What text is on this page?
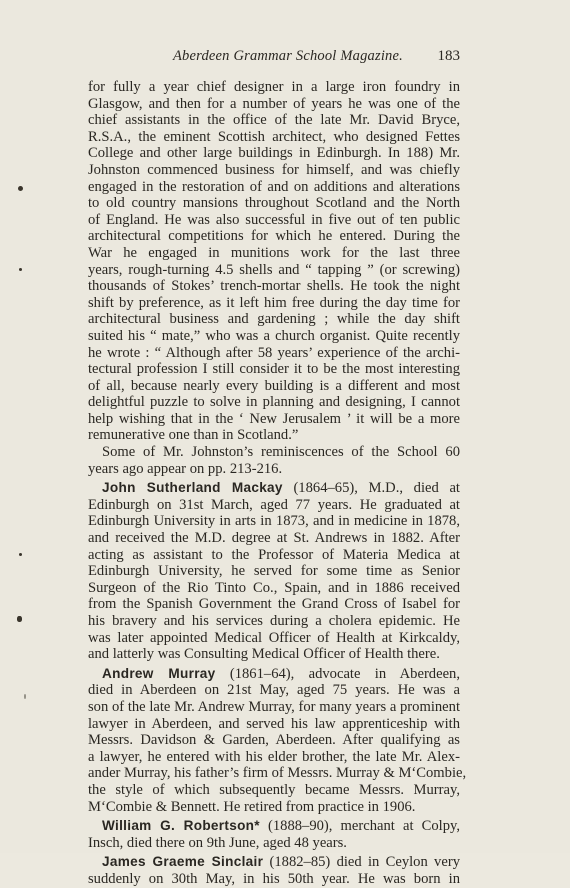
Aberdeen Grammar School Magazine. 183

for fully a year chief designer in a large iron foundry in
Glasgow, and then for a number of years he was one of the
chief assistants in the office of the late Mr. David Bryce,
R.S.A., the eminent Scottish architect, who designed Fettes
College and other large buildings in Edinburgh. In 188) Mr.
Johnston commenced business for himself, and was chiefly
engaged in the restoration of and on additions and alterations
to old country mansions throughout Scotland and the North
of England. He was also successful in five out of ten public
architectural competitions for which he entered. During the
War he engaged in munitions work for the last three
years, rough-turning 4.5 shells and “ tapping ” (or screwing)
thousands of Stokes’ trench-mortar shells. He took the night
shift by preference, as it left him free during the day time for
architectural business and gardening ; while the day shift
suited his “ mate,” who was a church organist. Quite recently
he wrote : “ Although after 58 years’ experience of the archi-
tectural profession I still consider it to be the most interesting
of all, because nearly every building is a different and most
delightful puzzle to solve in planning and designing, I cannot
help wishing that in the ‘ New Jerusalem ’ it will be a more
remunerative one than in Scotland.”

Some of Mr. Johnston’s reminiscences of the School 60
years ago appear on pp. 213-216.

John Sutherland Mackay (1864–65), M.D., died at
Edinburgh on 31st March, aged 77 years. He graduated at
Edinburgh University in arts in 1873, and in medicine in 1878,
and received the M.D. degree at St. Andrews in 1882. After
acting as assistant to the Professor of Materia Medica at
Edinburgh University, he served for some time as Senior
Surgeon of the Rio Tinto Co., Spain, and in 1886 received
from the Spanish Government the Grand Cross of Isabel for
his bravery and his services during a cholera epidemic. He
was later appointed Medical Officer of Health at Kirkcaldy,
and latterly was Consulting Medical Officer of Health there.

Andrew Murray (1861–64), advocate in Aberdeen,
died in Aberdeen on 21st May, aged 75 years. He was a
son of the late Mr. Andrew Murray, for many years a prominent
lawyer in Aberdeen, and served his law apprenticeship with
Messrs. Davidson & Garden, Aberdeen. After qualifying as
a lawyer, he entered with his elder brother, the late Mr. Alex-
ander Murray, his father’s firm of Messrs. Murray & M‘Combie,
the style of which subsequently became Messrs. Murray,
M‘Combie & Bennett. He retired from practice in 1906.

William G. Robertson* (1888–90), merchant at Colpy,
Insch, died there on 9th June, aged 48 years.

James Graeme Sinclair (1882–85) died in Ceylon very
suddenly on 30th May, in his 50th year. He was born in
